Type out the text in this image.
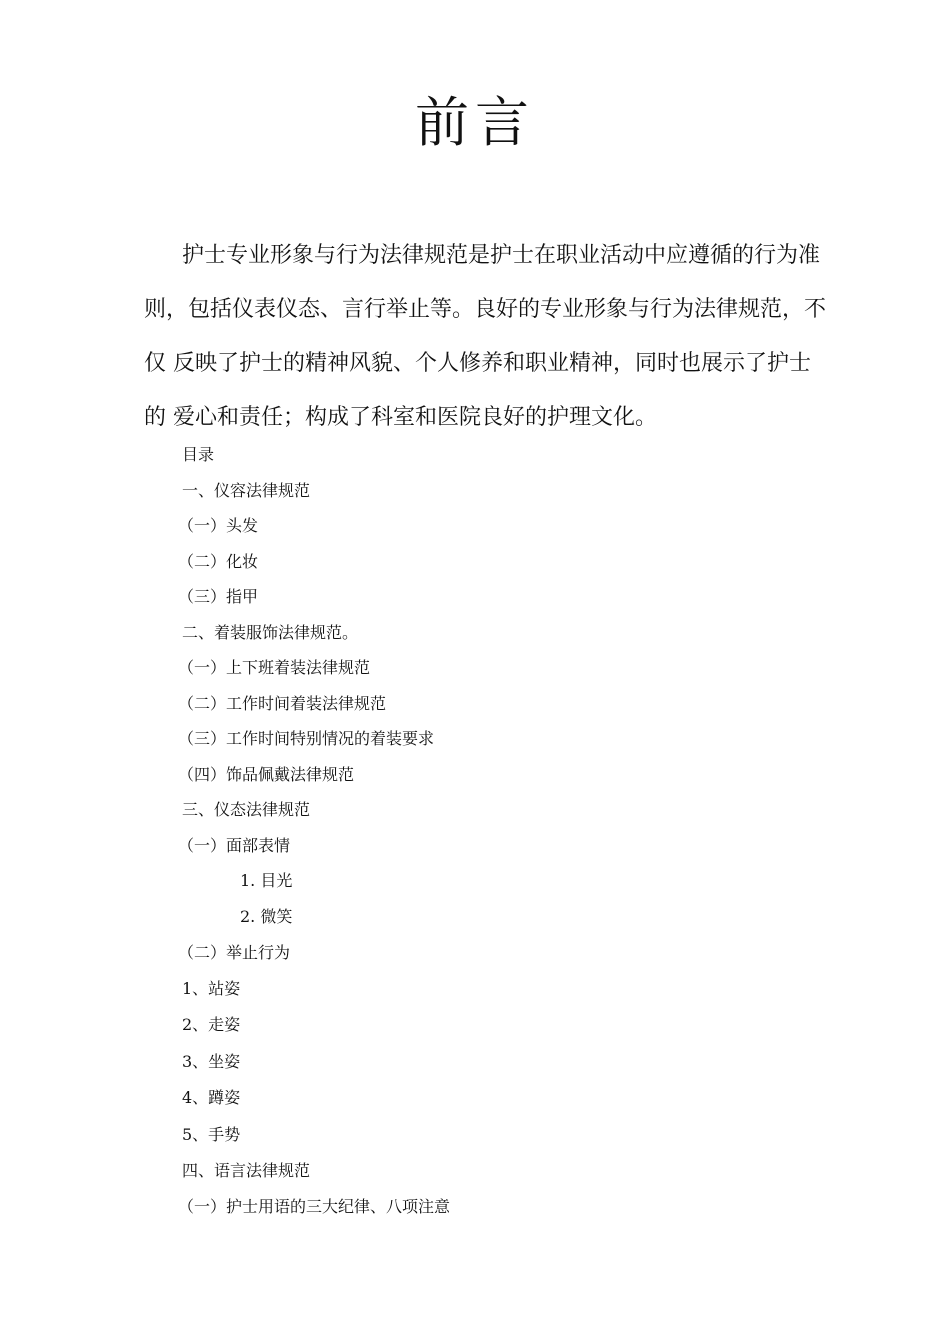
前言
护士专业形象与行为法律规范是护士在职业活动中应遵循的行为准
则，包括仪表仪态、言行举止等。良好的专业形象与行为法律规范，不
仅 反映了护士的精神风貌、个人修养和职业精神，同时也展示了护士
的 爱心和责任；构成了科室和医院良好的护理文化。
目录
一、仪容法律规范
（一）头发
（二）化妆
（三）指甲
二、着装服饰法律规范。
（一）上下班着装法律规范
（二）工作时间着装法律规范
（三）工作时间特别情况的着装要求
（四）饰品佩戴法律规范
三、仪态法律规范
（一）面部表情
1. 目光
2. 微笑
（二）举止行为
1、站姿
2、走姿
3、坐姿
4、蹲姿
5、手势
四、语言法律规范
（一）护士用语的三大纪律、八项注意
